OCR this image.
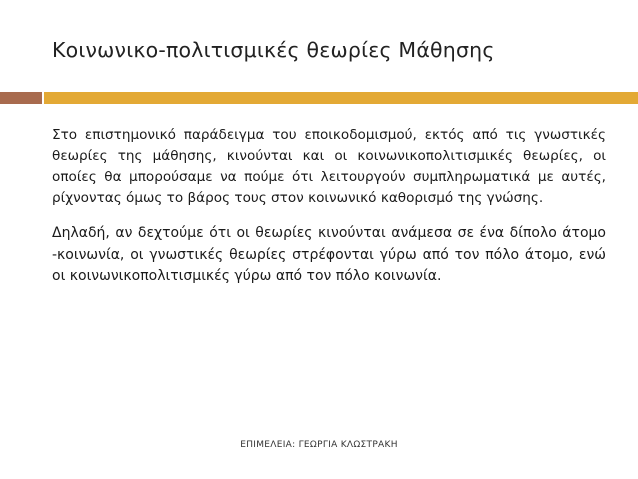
Κοινωνικο-πολιτισμικές θεωρίες Μάθησης

Στο επιστημονικό παράδειγμα του εποικοδομισμού, εκτός από τις γνωστικές θεωρίες της μάθησης, κινούνται και οι κοινωνικοπολιτισμικές θεωρίες, οι οποίες θα μπορούσαμε να πούμε ότι λειτουργούν συμπληρωματικά με αυτές, ρίχνοντας όμως το βάρος τους στον κοινωνικό καθορισμό της γνώσης.

Δηλαδή, αν δεχτούμε ότι οι θεωρίες κινούνται ανάμεσα σε ένα δίπολο άτομο -κοινωνία, οι γνωστικές θεωρίες στρέφονται γύρω από τον πόλο άτομο, ενώ οι κοινωνικοπολιτισμικές γύρω από τον πόλο κοινωνία.

ΕΠΙΜΕΛΕΙΑ: ΓΕΩΡΓΙΑ ΚΛΩΣΤΡΑΚΗ
